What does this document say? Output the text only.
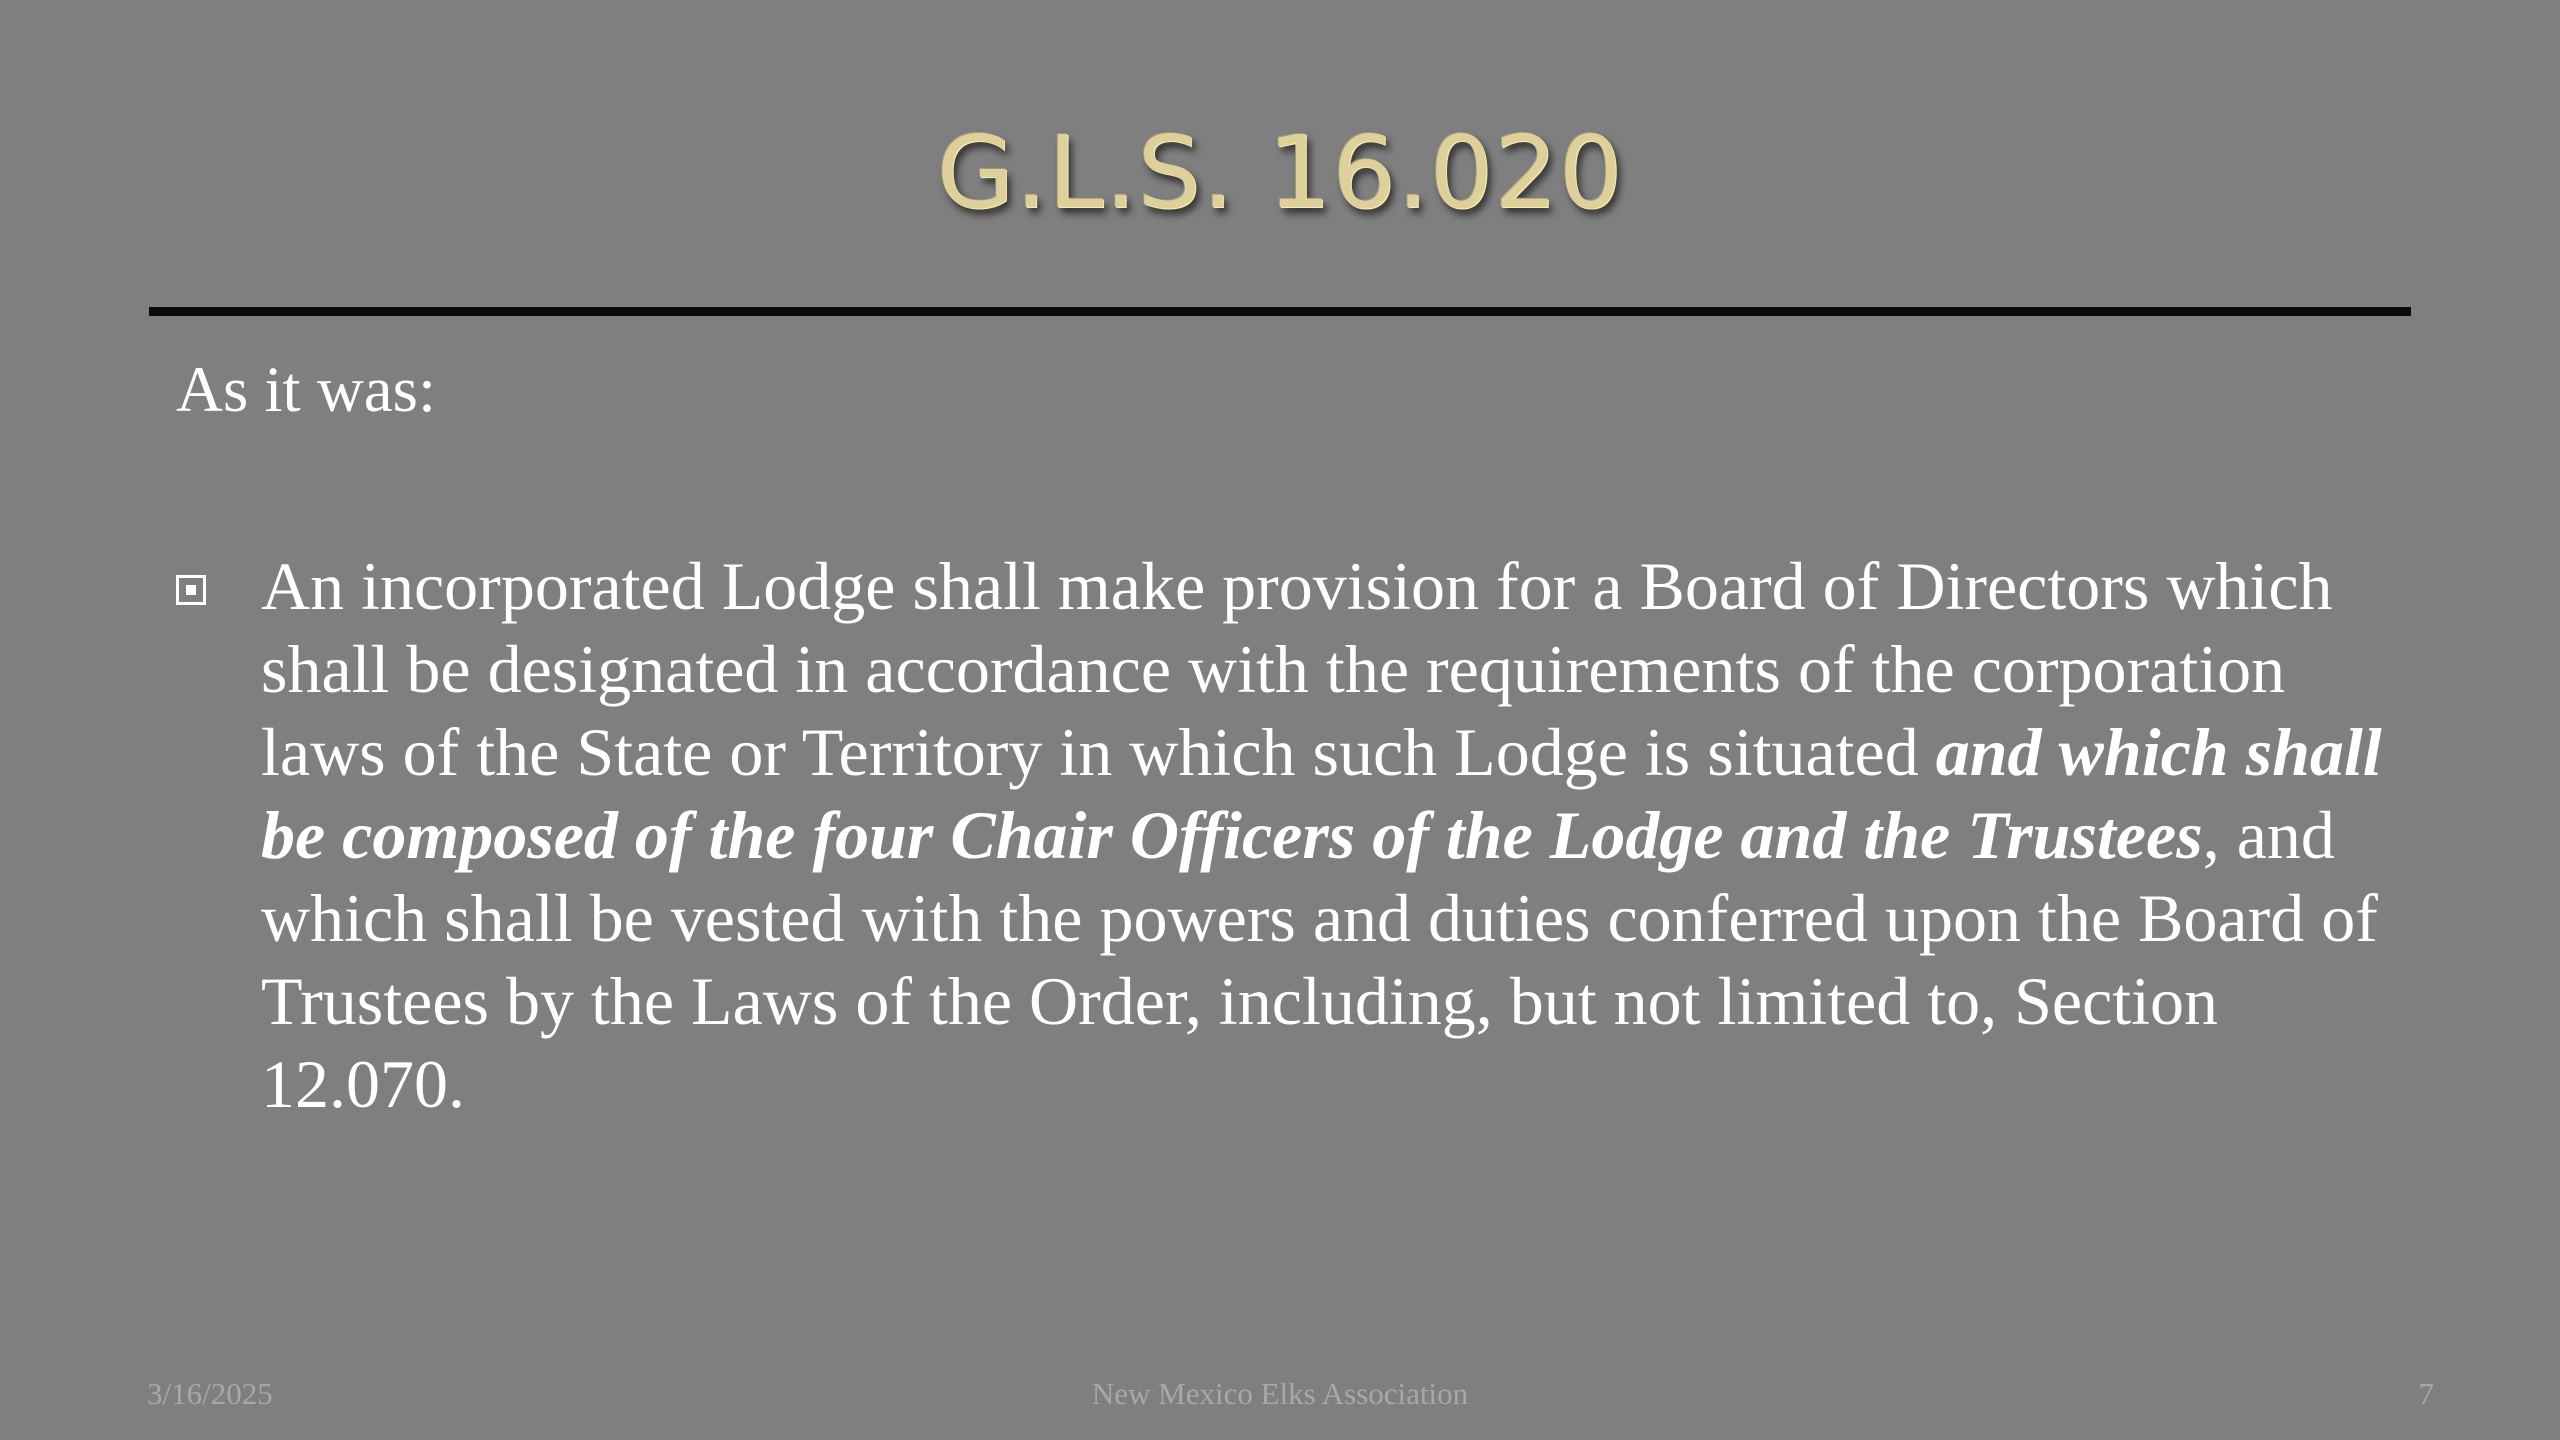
G.L.S. 16.020
As it was:
An incorporated Lodge shall make provision for a Board of Directors which shall be designated in accordance with the requirements of the corporation laws of the State or Territory in which such Lodge is situated and which shall be composed of the four Chair Officers of the Lodge and the Trustees, and which shall be vested with the powers and duties conferred upon the Board of Trustees by the Laws of the Order, including, but not limited to, Section 12.070.
3/16/2025	New Mexico Elks Association	7
